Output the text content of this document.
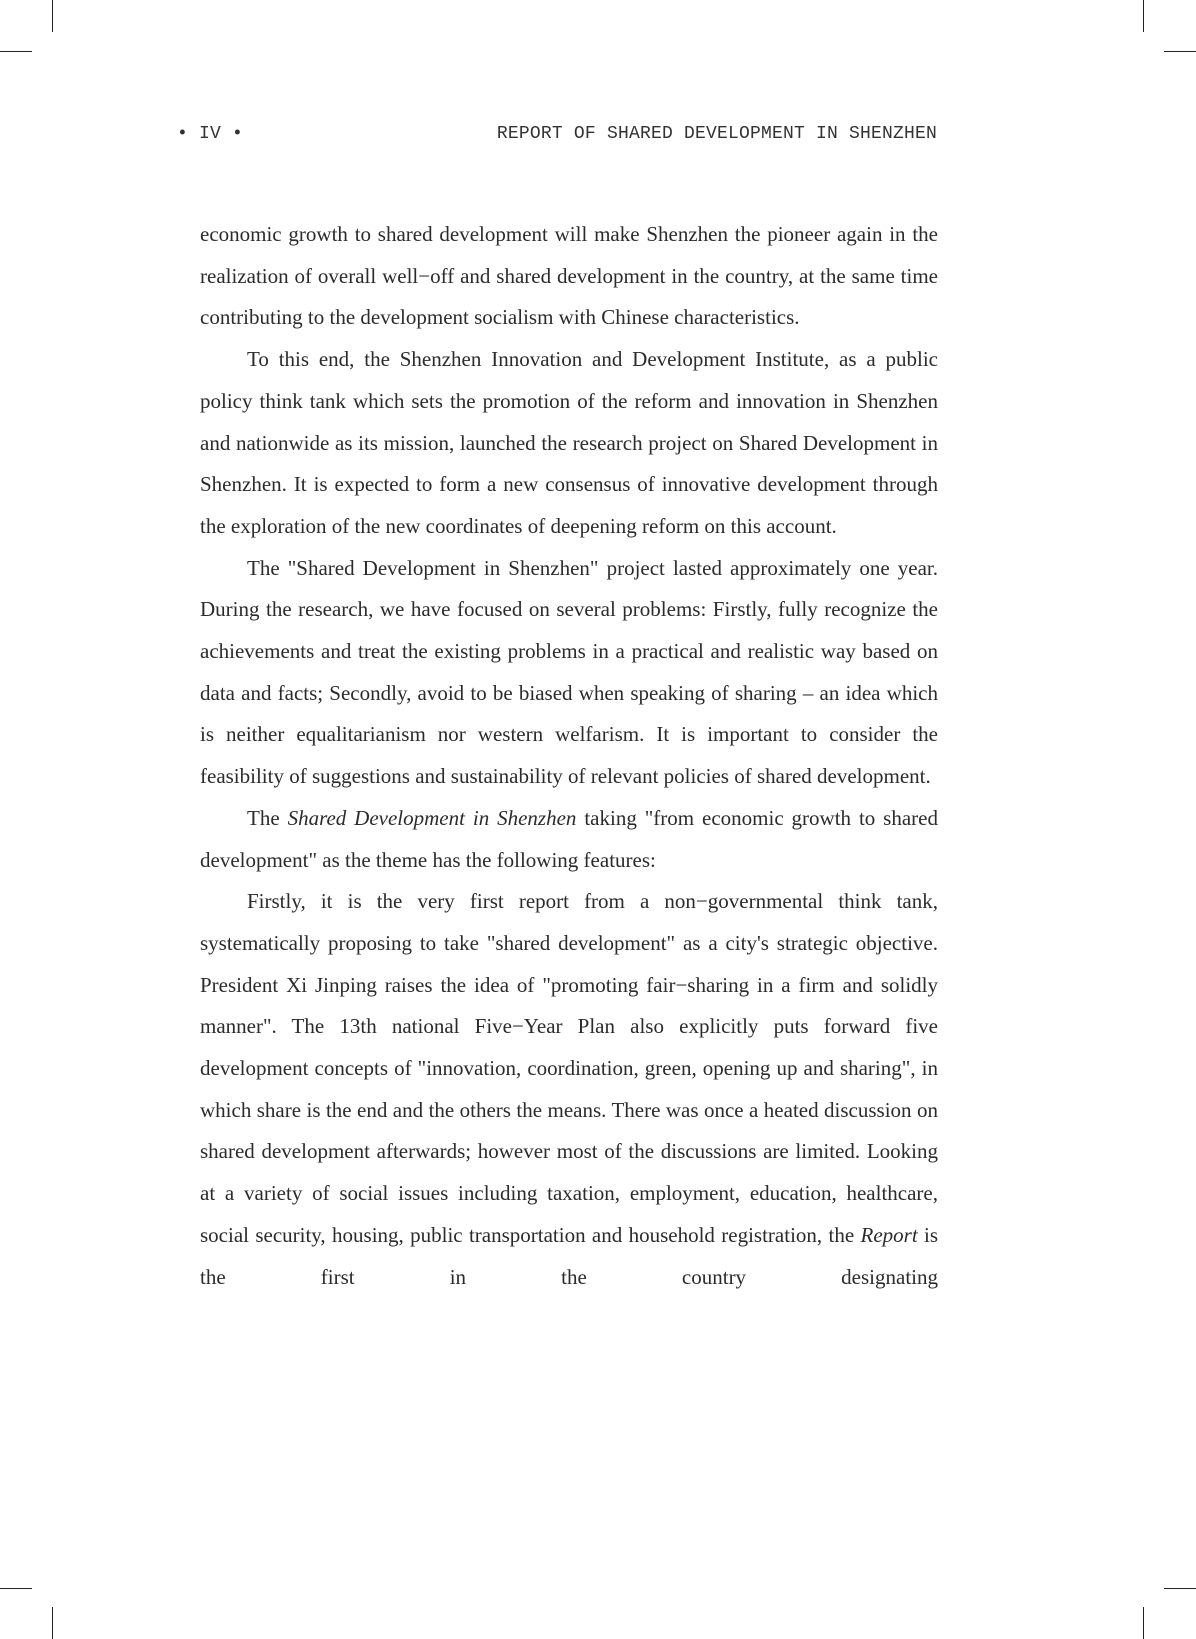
• IV •	REPORT OF SHARED DEVELOPMENT IN SHENZHEN

economic growth to shared development will make Shenzhen the pioneer again in the realization of overall well−off and shared development in the country, at the same time contributing to the development socialism with Chinese characteristics.

To this end, the Shenzhen Innovation and Development Institute, as a public policy think tank which sets the promotion of the reform and innovation in Shenzhen and nationwide as its mission, launched the research project on Shared Development in Shenzhen. It is expected to form a new consensus of innovative development through the exploration of the new coordinates of deepening reform on this account.

The "Shared Development in Shenzhen" project lasted approximately one year. During the research, we have focused on several problems: Firstly, fully recognize the achievements and treat the existing problems in a practical and realistic way based on data and facts; Secondly, avoid to be biased when speaking of sharing – an idea which is neither equalitarianism nor western welfarism. It is important to consider the feasibility of suggestions and sustainability of relevant policies of shared development.

The Shared Development in Shenzhen taking "from economic growth to shared development" as the theme has the following features:

Firstly, it is the very first report from a non−governmental think tank, systematically proposing to take "shared development" as a city's strategic objective. President Xi Jinping raises the idea of "promoting fair−sharing in a firm and solidly manner". The 13th national Five−Year Plan also explicitly puts forward five development concepts of "innovation, coordination, green, opening up and sharing", in which share is the end and the others the means. There was once a heated discussion on shared development afterwards; however most of the discussions are limited. Looking at a variety of social issues including taxation, employment, education, healthcare, social security, housing, public transportation and household registration, the Report is the first in the country designating
